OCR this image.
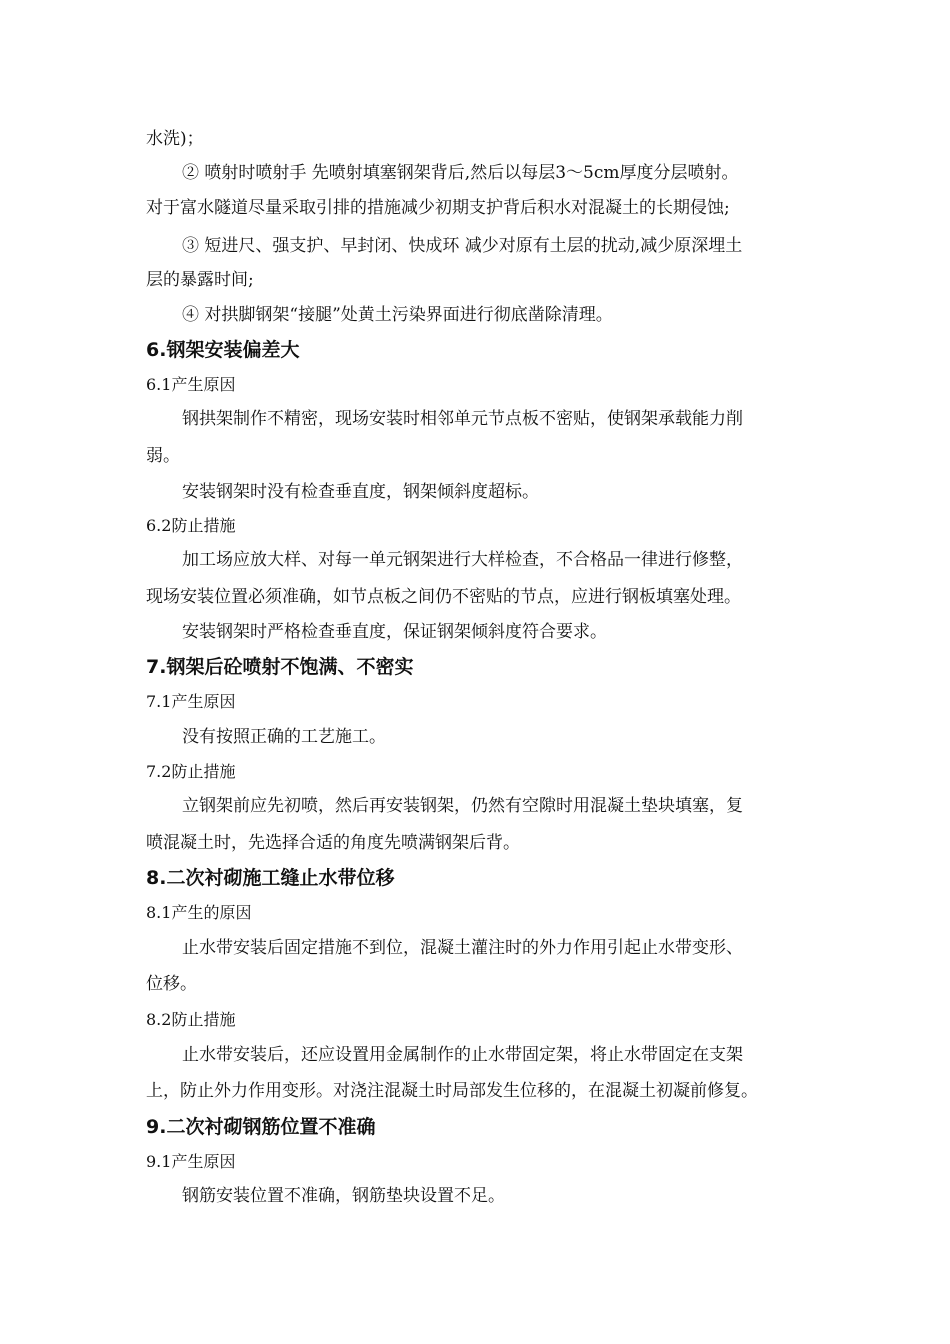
水洗)；
② 喷射时喷射手 先喷射填塞钢架背后,然后以每层3～5cm厚度分层喷射。
对于富水隧道尽量采取引排的措施减少初期支护背后积水对混凝土的长期侵蚀;
③ 短进尺、强支护、早封闭、快成环 减少对原有土层的扰动,减少原深埋土
层的暴露时间;
④ 对拱脚钢架“接腿”处黄土污染界面进行彻底凿除清理。
6.钢架安装偏差大
6.1产生原因
钢拱架制作不精密，现场安装时相邻单元节点板不密贴，使钢架承载能力削
弱。
安装钢架时没有检查垂直度，钢架倾斜度超标。
6.2防止措施
加工场应放大样、对每一单元钢架进行大样检查，不合格品一律进行修整，
现场安装位置必须准确，如节点板之间仍不密贴的节点，应进行钢板填塞处理。
安装钢架时严格检查垂直度，保证钢架倾斜度符合要求。
7.钢架后砼喷射不饱满、不密实
7.1产生原因
没有按照正确的工艺施工。
7.2防止措施
立钢架前应先初喷，然后再安装钢架，仍然有空隙时用混凝土垫块填塞，复
喷混凝土时，先选择合适的角度先喷满钢架后背。
8.二次衬砌施工缝止水带位移
8.1产生的原因
止水带安装后固定措施不到位，混凝土灌注时的外力作用引起止水带变形、
位移。
8.2防止措施
止水带安装后，还应设置用金属制作的止水带固定架，将止水带固定在支架
上，防止外力作用变形。对浇注混凝土时局部发生位移的，在混凝土初凝前修复。
9.二次衬砌钢筋位置不准确
9.1产生原因
钢筋安装位置不准确，钢筋垫块设置不足。
